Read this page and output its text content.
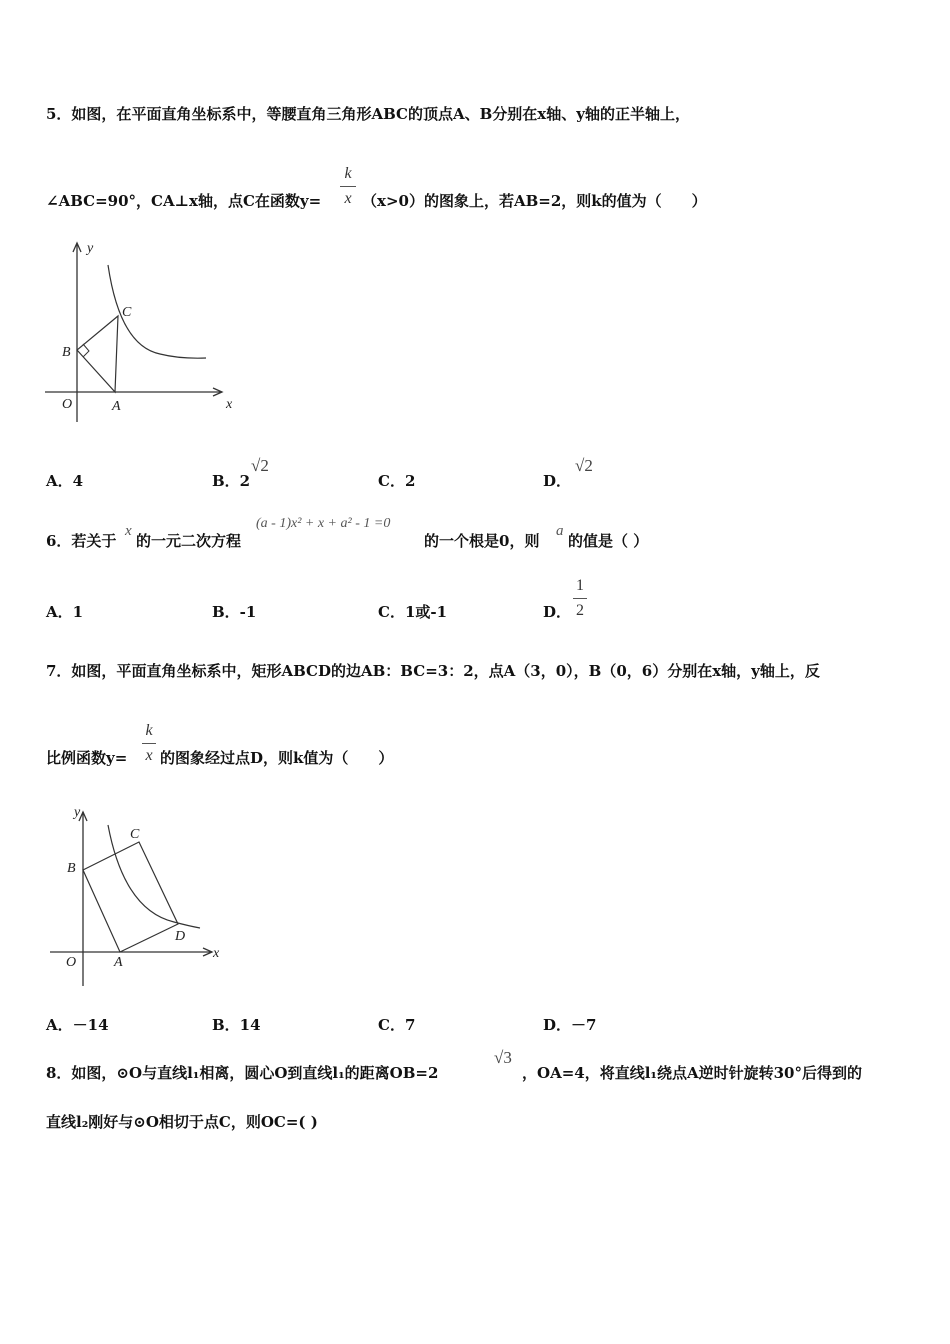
5．如图，在平面直角坐标系中，等腰直角三角形ABC的顶点A、B分别在x轴、y轴的正半轴上，
∠ABC=90°，CA⊥x轴，点C在函数y=
k
x （x>0）的图象上，若AB=2，则k的值为（　　）
y
C
B
O	A	x
A．4	B．2
√2
C．2	D．
√2
6．若关于
x
的一元二次方程
(a - 1)x² + x + a² - 1 =0
的一个根是0，则
a
的值是（ ）
A．1	B．-1	C．1或-1	D．
1
2
7．如图，平面直角坐标系中，矩形ABCD的边AB：BC=3：2，点A（3，0），B（0，6）分别在x轴，y轴上，反
比例函数y=
k
x 的图象经过点D，则k值为（　　）
y
C
B
D
O	A
x
A．－14	B．14	C．7	D．－7
8．如图，⊙O与直线l₁相离，圆心O到直线l₁的距离OB=2
√3
，OA=4，将直线l₁绕点A逆时针旋转30°后得到的
直线l₂刚好与⊙O相切于点C，则OC=( )
